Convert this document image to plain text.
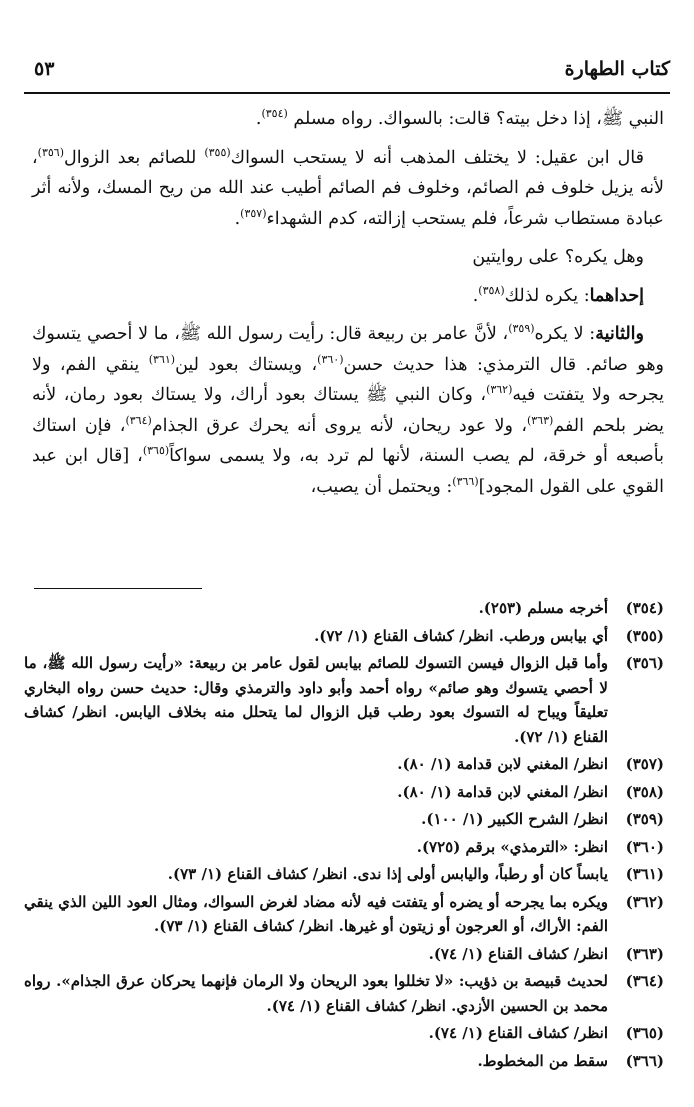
كتاب الطهارة
٥٣

النبي ﷺ، إذا دخل بيته؟ قالت: بالسواك. رواه مسلم $^{(٣٥٤)}$.

قال ابن عقيل: لا يختلف المذهب أنه لا يستحب السواك$^{(٣٥٥)}$ للصائم بعد الزوال$^{(٣٥٦)}$، لأنه يزيل خلوف فم الصائم، وخلوف فم الصائم أطيب عند الله من ريح المسك، ولأنه أثر عبادة مستطاب شرعاً، فلم يستحب إزالته، كدم الشهداء$^{(٣٥٧)}$.

وهل يكره؟ على روايتين

إحداهما: يكره لذلك$^{(٣٥٨)}$.

والثانية: لا يكره$^{(٣٥٩)}$، لأنَّ عامر بن ربيعة قال: رأيت رسول الله ﷺ، ما لا أحصي يتسوك وهو صائم. قال الترمذي: هذا حديث حسن$^{(٣٦٠)}$، ويستاك بعود لين$^{(٣٦١)}$ ينقي الفم، ولا يجرحه ولا يتفتت فيه$^{(٣٦٢)}$، وكان النبي ﷺ يستاك بعود أراك، ولا يستاك بعود رمان، لأنه يضر بلحم الفم$^{(٣٦٣)}$، ولا عود ريحان، لأنه يروى أنه يحرك عرق الجذام$^{(٣٦٤)}$، فإن استاك بأصبعه أو خرقة، لم يصب السنة، لأنها لم ترد به، ولا يسمى سواكاً$^{(٣٦٥)}$، [قال ابن عبد القوي على القول المجود]$^{(٣٦٦)}$: ويحتمل أن يصيب،

(٣٥٤)
أخرجه مسلم (٢٥٣).
(٣٥٥)
أي بيابس ورطب. انظر/ كشاف القناع (١/ ٧٢).
(٣٥٦)
وأما قبل الزوال فيسن التسوك للصائم بيابس لقول عامر بن ربيعة: «رأيت رسول الله ﷺ، ما لا أحصي يتسوك وهو صائم» رواه أحمد وأبو داود والترمذي وقال: حديث حسن رواه البخاري تعليقاً ويباح له التسوك بعود رطب قبل الزوال لما يتحلل منه بخلاف اليابس. انظر/ كشاف القناع (١/ ٧٢).
(٣٥٧)
انظر/ المغني لابن قدامة (١/ ٨٠).
(٣٥٨)
انظر/ المغني لابن قدامة (١/ ٨٠).
(٣٥٩)
انظر/ الشرح الكبير (١/ ١٠٠).
(٣٦٠)
انظر: «الترمذي» برقم (٧٢٥).
(٣٦١)
يابساً كان أو رطباً، واليابس أولى إذا ندى. انظر/ كشاف القناع (١/ ٧٣).
(٣٦٢)
ويكره بما يجرحه أو يضره أو يتفتت فيه لأنه مضاد لغرض السواك، ومثال العود اللين الذي ينقي الفم: الأراك، أو العرجون أو زيتون أو غيرها. انظر/ كشاف القناع (١/ ٧٣).
(٣٦٣)
انظر/ كشاف القناع (١/ ٧٤).
(٣٦٤)
لحديث قبيصة بن ذؤيب: «لا تخللوا بعود الريحان ولا الرمان فإنهما يحركان عرق الجذام». رواه محمد بن الحسين الأزدي. انظر/ كشاف القناع (١/ ٧٤).
(٣٦٥)
انظر/ كشاف القناع (١/ ٧٤).
(٣٦٦)
سقط من المخطوط.
